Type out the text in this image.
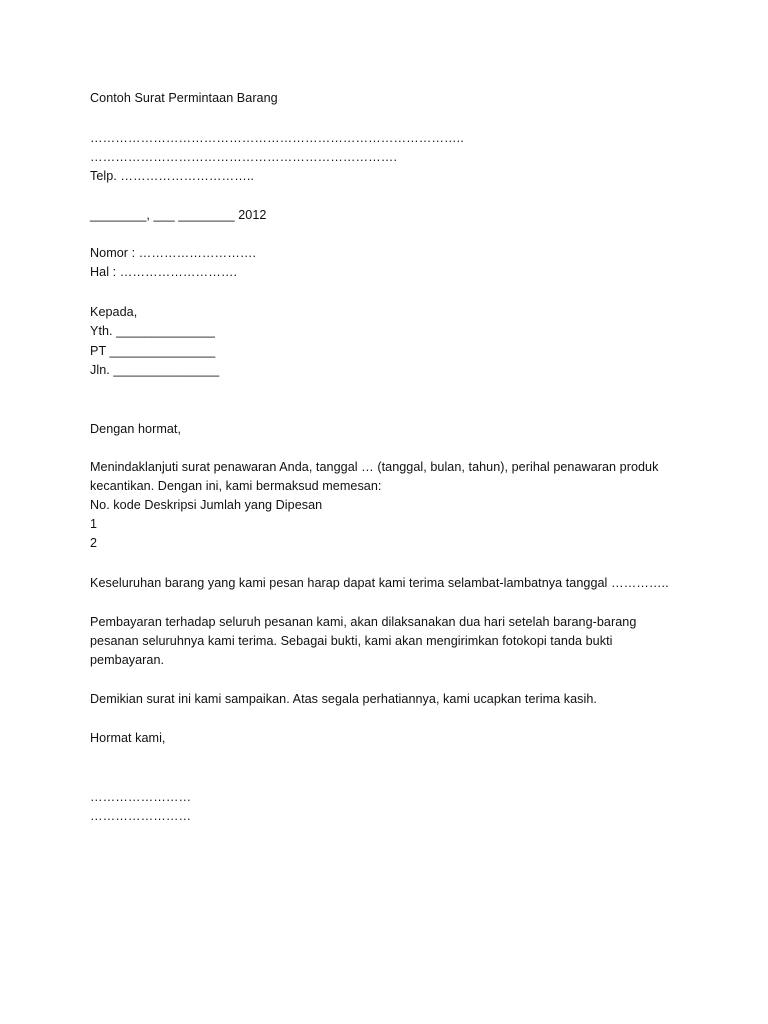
Contoh Surat Permintaan Barang
……………………………………………………………………………..
……………………………………………………………….
Telp. …………………………..
________, ___ ________ 2012
Nomor : ……………………….
Hal : ……………………….
Kepada,
Yth. ______________
PT _______________
Jln. _______________
Dengan hormat,
Menindaklanjuti surat penawaran Anda, tanggal … (tanggal, bulan, tahun), perihal penawaran produk
kecantikan. Dengan ini, kami bermaksud memesan:
No. kode Deskripsi Jumlah yang Dipesan
1
2
Keseluruhan barang yang kami pesan harap dapat kami terima selambat-lambatnya tanggal …………..
Pembayaran terhadap seluruh pesanan kami, akan dilaksanakan dua hari setelah barang-barang
pesanan seluruhnya kami terima. Sebagai bukti, kami akan mengirimkan fotokopi tanda bukti
pembayaran.
Demikian surat ini kami sampaikan. Atas segala perhatiannya, kami ucapkan terima kasih.
Hormat kami,
……………………
……………………
